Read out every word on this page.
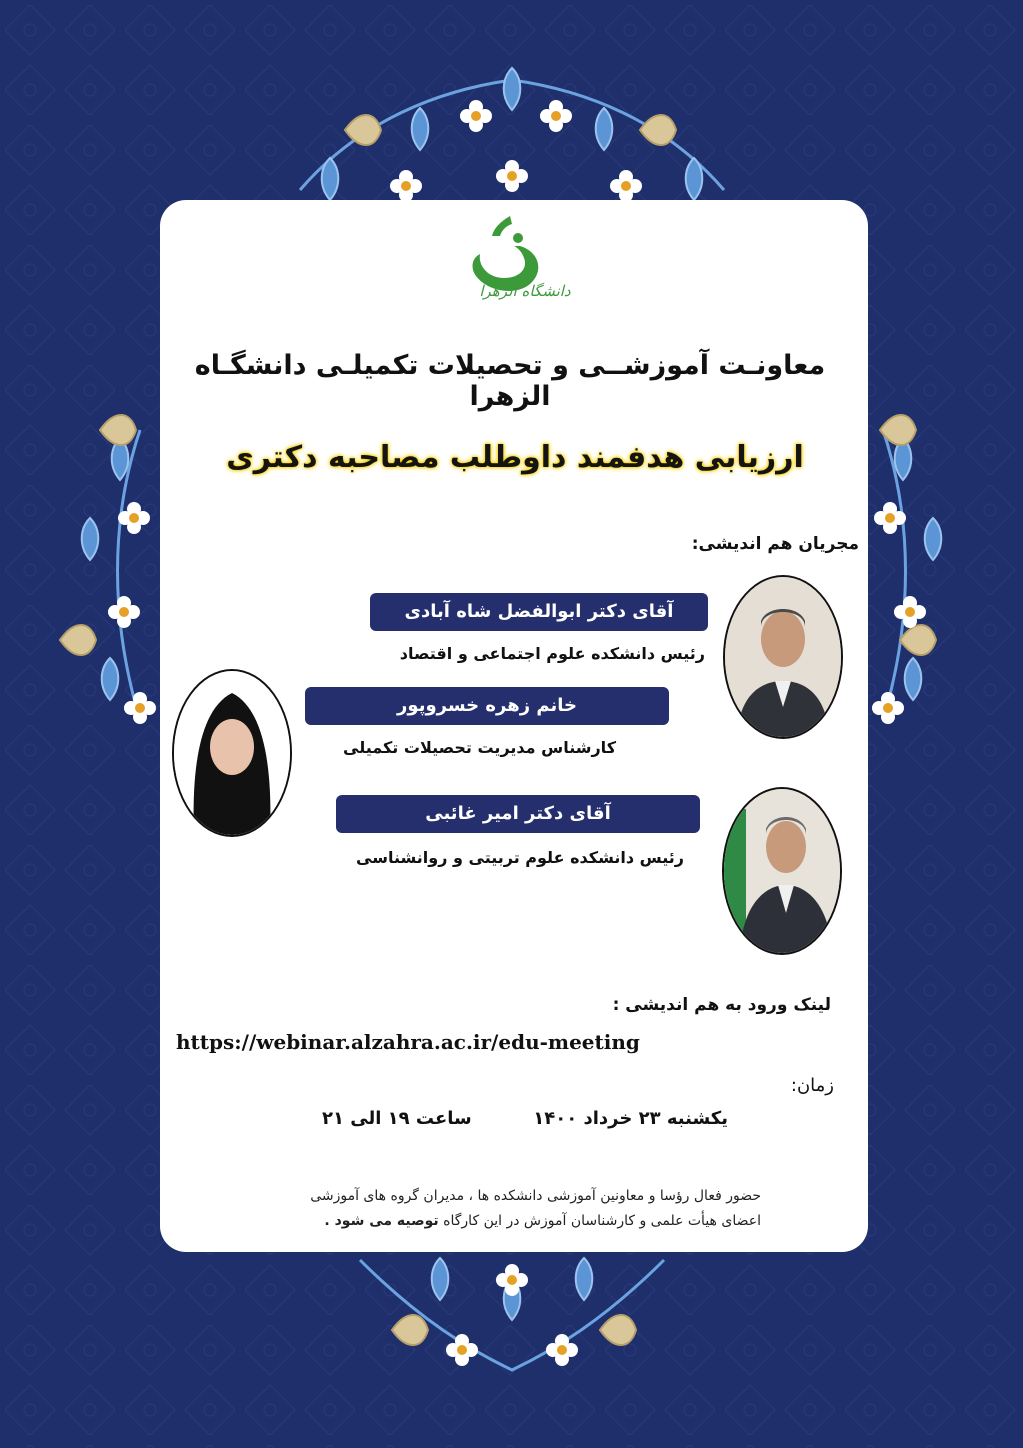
دانشگاه الزهرا
معاونـت آموزشــی و تحصیلات تکمیلـی دانشگـاه الزهرا
ارزیابی هدفمند داوطلب مصاحبه دکتری
مجریان هم اندیشی:
آقای دکتر ابوالفضل شاه آبادی
رئیس دانشکده علوم اجتماعی و اقتصاد
خانم زهره خسروپور
کارشناس مدیریت تحصیلات تکمیلی
آقای دکتر امیر غائبی
رئیس دانشکده علوم تربیتی و روانشناسی
لینک ورود به هم اندیشی :
https://webinar.alzahra.ac.ir/edu-meeting
زمان:
یکشنبه ۲۳ خرداد ۱۴۰۰
ساعت ۱۹ الی ۲۱
حضور فعال رؤسا و معاونین آموزشی دانشکده ها ، مدیران گروه های آموزشی
اعضای هیأت علمی و کارشناسان آموزش در این کارگاه توصیه می شود .
